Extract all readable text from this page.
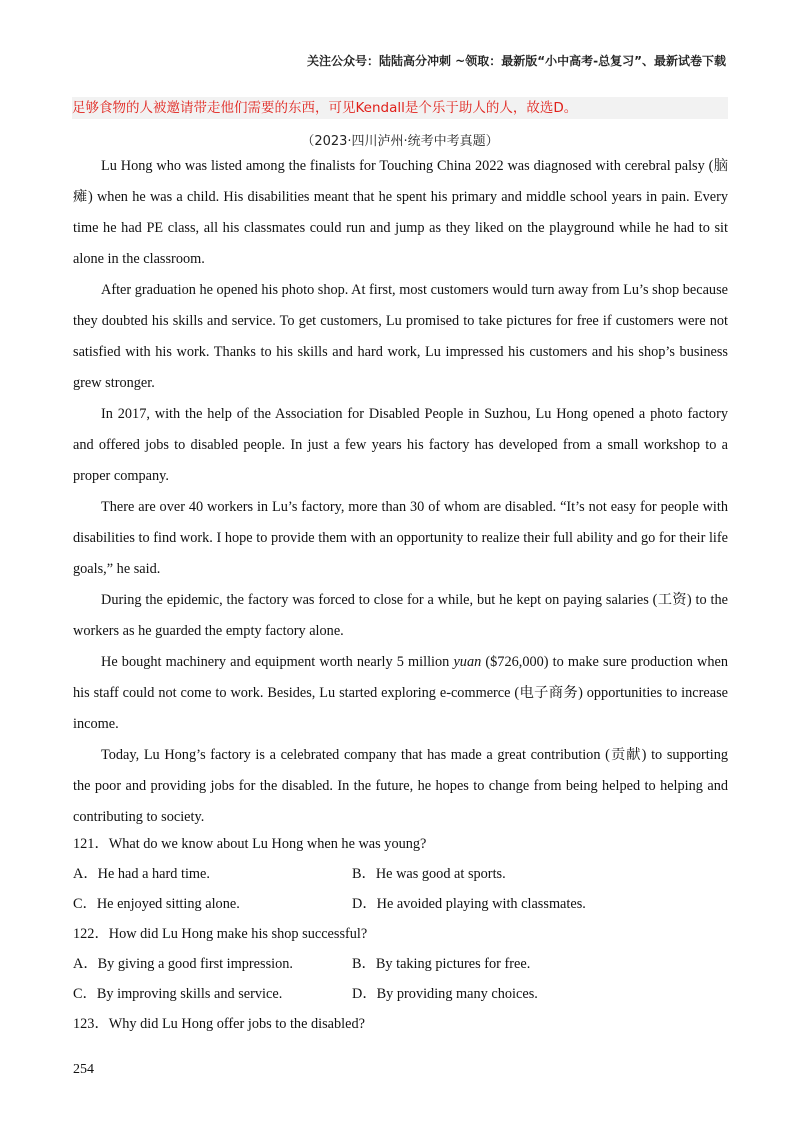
关注公众号：陆陆高分冲刺 ~领取：最新版“小中高考-总复习”、最新试卷下载
足够食物的人被邀请带走他们需要的东西，可见Kendall是个乐于助人的人，故选D。
（2023·四川泸州·统考中考真题）

Lu Hong who was listed among the finalists for Touching China 2022 was diagnosed with cerebral palsy (脑瘫) when he was a child. His disabilities meant that he spent his primary and middle school years in pain. Every time he had PE class, all his classmates could run and jump as they liked on the playground while he had to sit alone in the classroom.

After graduation he opened his photo shop. At first, most customers would turn away from Lu’s shop because they doubted his skills and service. To get customers, Lu promised to take pictures for free if customers were not satisfied with his work. Thanks to his skills and hard work, Lu impressed his customers and his shop’s business grew stronger.

In 2017, with the help of the Association for Disabled People in Suzhou, Lu Hong opened a photo factory and offered jobs to disabled people. In just a few years his factory has developed from a small workshop to a proper company.

There are over 40 workers in Lu’s factory, more than 30 of whom are disabled. “It’s not easy for people with disabilities to find work. I hope to provide them with an opportunity to realize their full ability and go for their life goals,” he said.

During the epidemic, the factory was forced to close for a while, but he kept on paying salaries (工资) to the workers as he guarded the empty factory alone.

He bought machinery and equipment worth nearly 5 million yuan ($726,000) to make sure production when his staff could not come to work. Besides, Lu started exploring e-commerce (电子商务) opportunities to increase income.

Today, Lu Hong’s factory is a celebrated company that has made a great contribution (贡献) to supporting the poor and providing jobs for the disabled. In the future, he hopes to change from being helped to helping and contributing to society.

121．What do we know about Lu Hong when he was young?
A．He had a hard time.	B．He was good at sports.
C．He enjoyed sitting alone.	D．He avoided playing with classmates.
122．How did Lu Hong make his shop successful?
A．By giving a good first impression.	B．By taking pictures for free.
C．By improving skills and service.	D．By providing many choices.
123．Why did Lu Hong offer jobs to the disabled?
254
